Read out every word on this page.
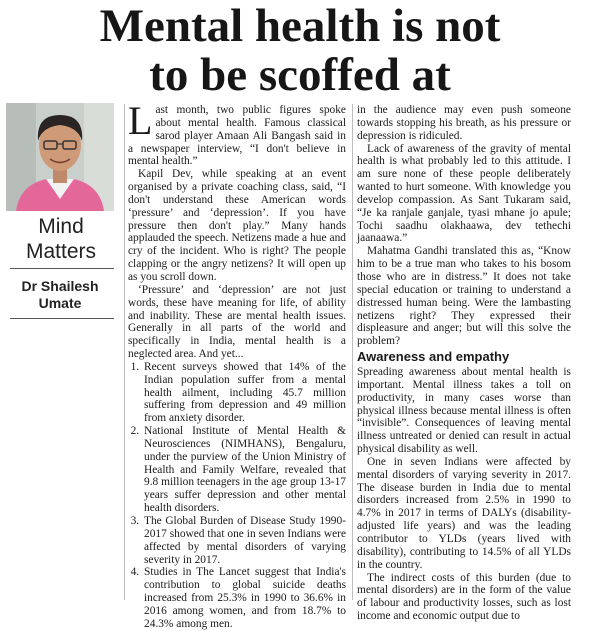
Mental health is not
to be scoffed at
Mind
Matters
Dr Shailesh
Umate

Last month, two public figures spoke about mental health. Famous classical sarod player Amaan Ali Bangash said in a newspaper interview, “I don't believe in mental health.”

Kapil Dev, while speaking at an event organised by a private coaching class, said, “I don't understand these American words ‘pressure’ and ‘depression’. If you have pressure then don't play.” Many hands applauded the speech. Netizens made a hue and cry of the incident. Who is right? The people clapping or the angry netizens? It will open up as you scroll down.

‘Pressure’ and ‘depression’ are not just words, these have meaning for life, of ability and inability. These are mental health issues. Generally in all parts of the world and specifically in India, mental health is a neglected area. And yet...

1. Recent surveys showed that 14% of the Indian population suffer from a mental health ailment, including 45.7 million suffering from depression and 49 million from anxiety disorder.
2. National Institute of Mental Health & Neurosciences (NIMHANS), Bengaluru, under the purview of the Union Ministry of Health and Family Welfare, revealed that 9.8 million teenagers in the age group 13-17 years suffer depression and other mental health disorders.
3. The Global Burden of Disease Study 1990-2017 showed that one in seven Indians were affected by mental disorders of varying severity in 2017.
4. Studies in The Lancet suggest that India's contribution to global suicide deaths increased from 25.3% in 1990 to 36.6% in 2016 among women, and from 18.7% to 24.3% among men.

in the audience may even push someone towards stopping his breath, as his pressure or depression is ridiculed.

Lack of awareness of the gravity of mental health is what probably led to this attitude. I am sure none of these people deliberately wanted to hurt someone. With knowledge you develop compassion. As Sant Tukaram said, “Je ka ranjale ganjale, tyasi mhane jo apule; Tochi saadhu olakhaawa, dev tethechi jaanaawa.”

Mahatma Gandhi translated this as, “Know him to be a true man who takes to his bosom those who are in distress.” It does not take special education or training to understand a distressed human being. Were the lambasting netizens right? They expressed their displeasure and anger; but will this solve the problem?

Awareness and empathy

Spreading awareness about mental health is important. Mental illness takes a toll on productivity, in many cases worse than physical illness because mental illness is often “invisible”. Consequences of leaving mental illness untreated or denied can result in actual physical disability as well.

One in seven Indians were affected by mental disorders of varying severity in 2017. The disease burden in India due to mental disorders increased from 2.5% in 1990 to 4.7% in 2017 in terms of DALYs (disability-adjusted life years) and was the leading contributor to YLDs (years lived with disability), contributing to 14.5% of all YLDs in the country.

The indirect costs of this burden (due to mental disorders) are in the form of the value of labour and productivity losses, such as lost income and economic output due to
